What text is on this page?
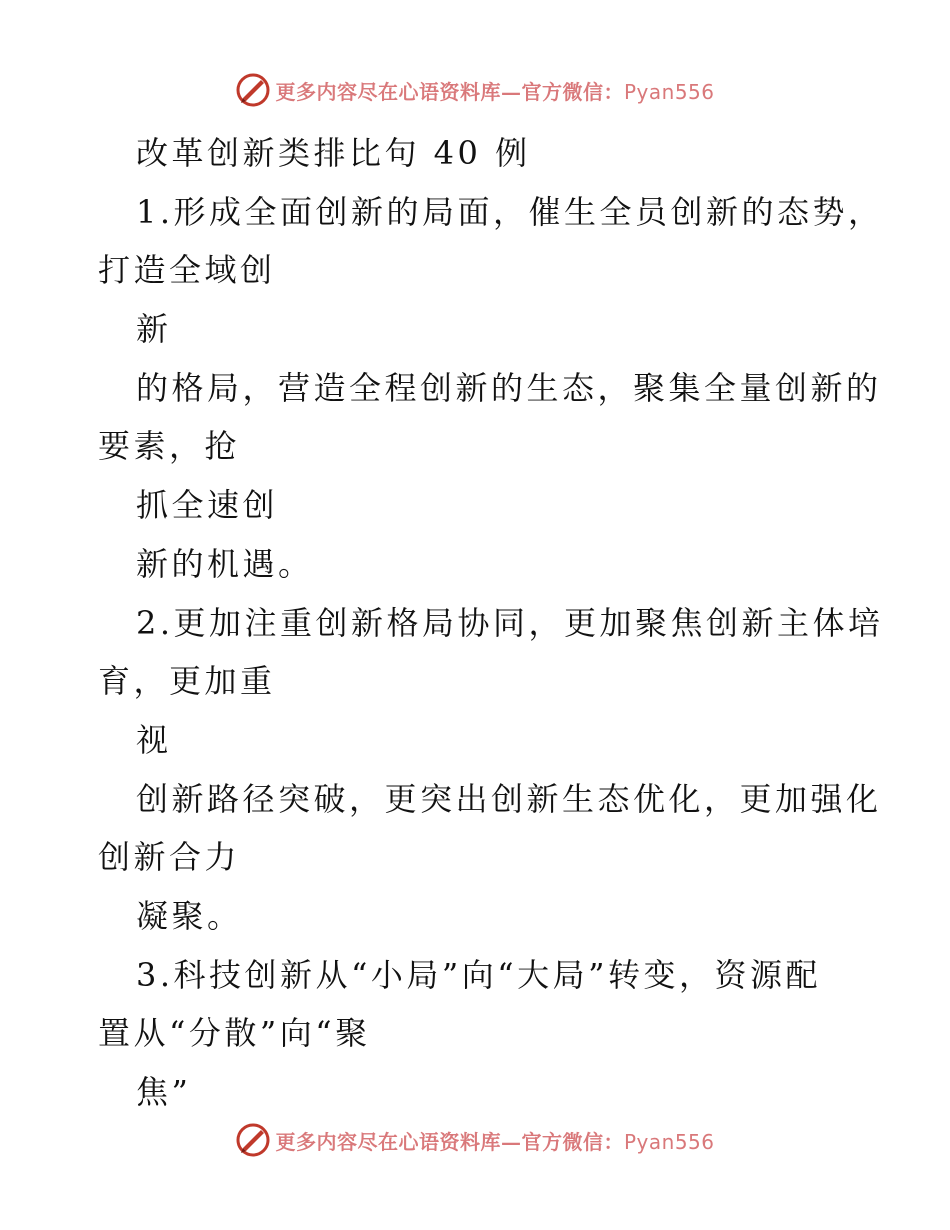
更多内容尽在心语资料库—官方微信：Pyan556
改革创新类排比句 40 例
1.形成全面创新的局面，催生全员创新的态势，
打造全域创
新
的格局，营造全程创新的生态，聚集全量创新的
要素，抢
抓全速创
新的机遇。
2.更加注重创新格局协同，更加聚焦创新主体培
育，更加重
视
创新路径突破，更突出创新生态优化，更加强化
创新合力
凝聚。
3.科技创新从“小局”向“大局”转变，资源配
置从“分散”向“聚
焦”
更多内容尽在心语资料库—官方微信：Pyan556
